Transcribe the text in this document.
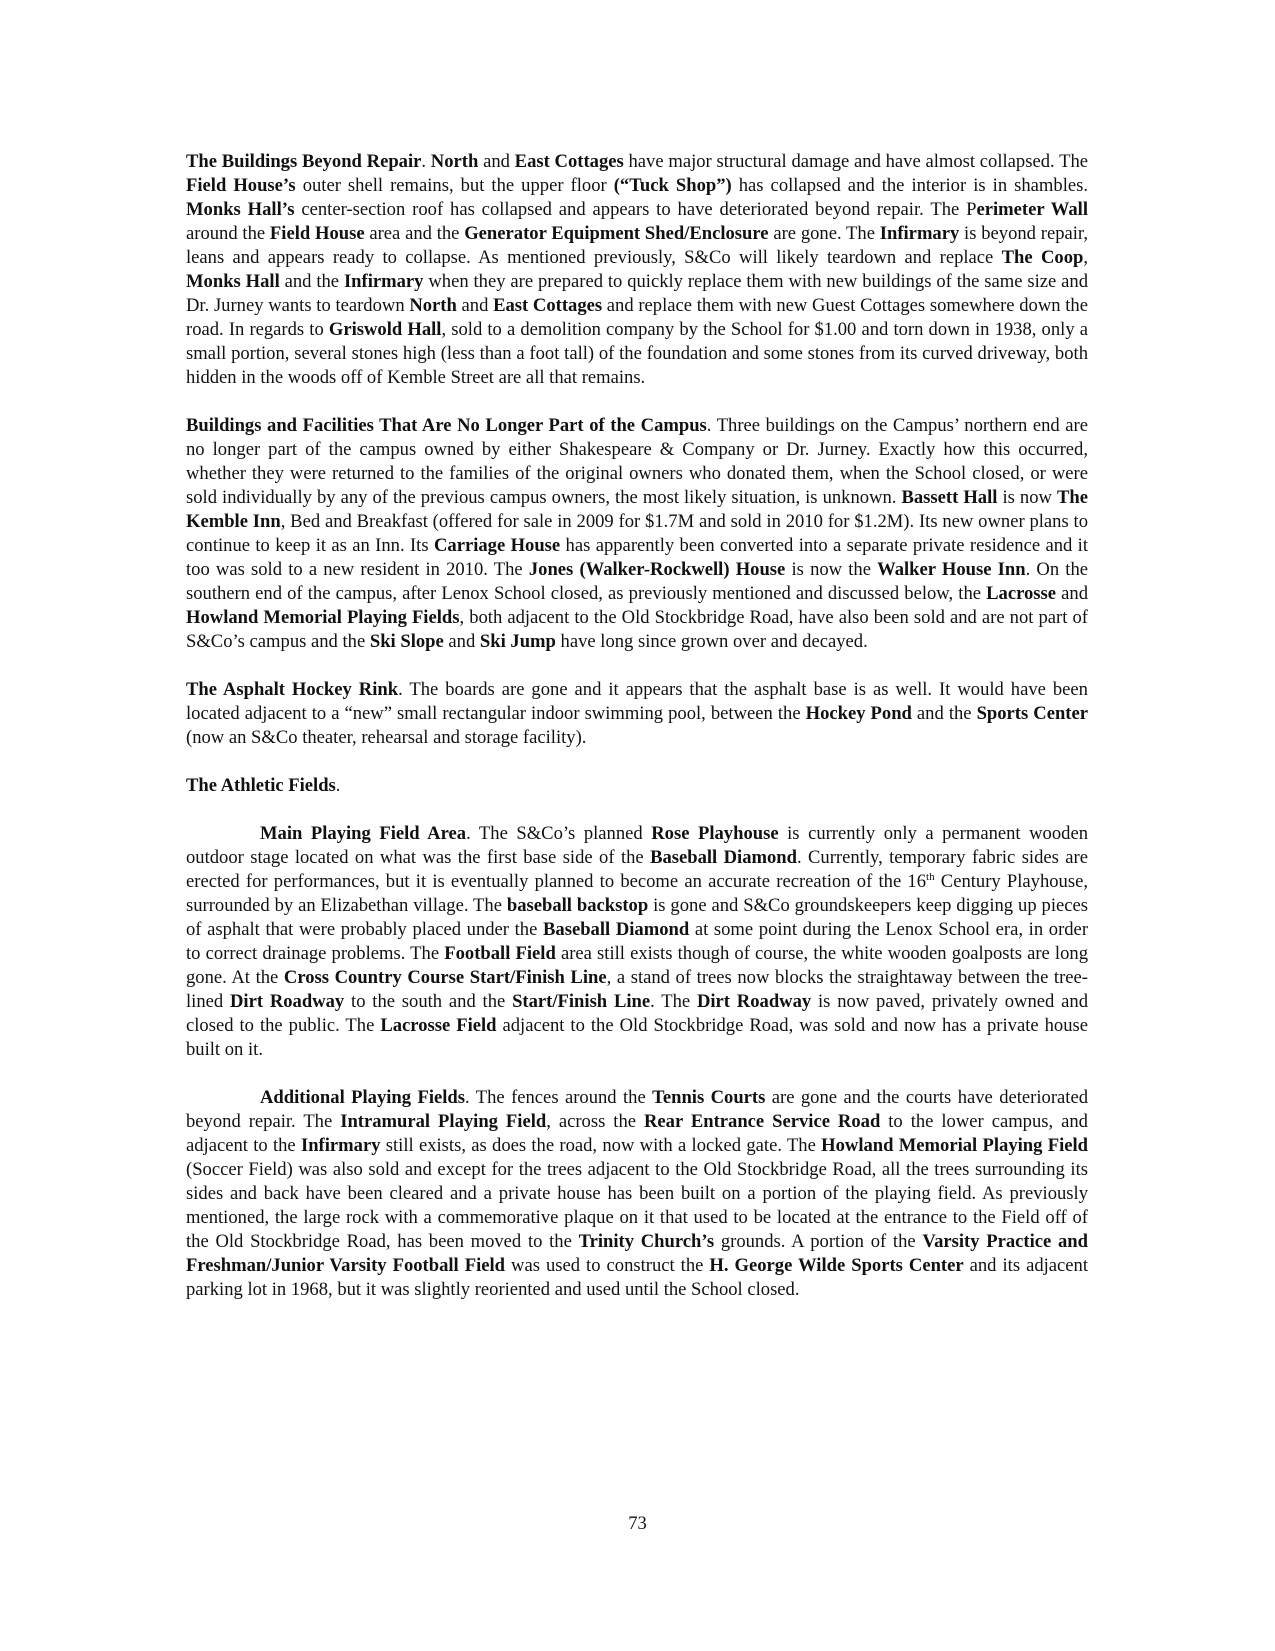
The Buildings Beyond Repair. North and East Cottages have major structural damage and have almost collapsed. The Field House’s outer shell remains, but the upper floor (“Tuck Shop”) has collapsed and the interior is in shambles. Monks Hall’s center-section roof has collapsed and appears to have deteriorated beyond repair. The Perimeter Wall around the Field House area and the Generator Equipment Shed/Enclosure are gone. The Infirmary is beyond repair, leans and appears ready to collapse. As mentioned previously, S&Co will likely teardown and replace The Coop, Monks Hall and the Infirmary when they are prepared to quickly replace them with new buildings of the same size and Dr. Jurney wants to teardown North and East Cottages and replace them with new Guest Cottages somewhere down the road. In regards to Griswold Hall, sold to a demolition company by the School for $1.00 and torn down in 1938, only a small portion, several stones high (less than a foot tall) of the foundation and some stones from its curved driveway, both hidden in the woods off of Kemble Street are all that remains.

Buildings and Facilities That Are No Longer Part of the Campus. Three buildings on the Campus’ northern end are no longer part of the campus owned by either Shakespeare & Company or Dr. Jurney. Exactly how this occurred, whether they were returned to the families of the original owners who donated them, when the School closed, or were sold individually by any of the previous campus owners, the most likely situation, is unknown. Bassett Hall is now The Kemble Inn, Bed and Breakfast (offered for sale in 2009 for $1.7M and sold in 2010 for $1.2M). Its new owner plans to continue to keep it as an Inn. Its Carriage House has apparently been converted into a separate private residence and it too was sold to a new resident in 2010. The Jones (Walker-Rockwell) House is now the Walker House Inn. On the southern end of the campus, after Lenox School closed, as previously mentioned and discussed below, the Lacrosse and Howland Memorial Playing Fields, both adjacent to the Old Stockbridge Road, have also been sold and are not part of S&Co’s campus and the Ski Slope and Ski Jump have long since grown over and decayed.

The Asphalt Hockey Rink. The boards are gone and it appears that the asphalt base is as well. It would have been located adjacent to a “new” small rectangular indoor swimming pool, between the Hockey Pond and the Sports Center (now an S&Co theater, rehearsal and storage facility).

The Athletic Fields.

Main Playing Field Area. The S&Co’s planned Rose Playhouse is currently only a permanent wooden outdoor stage located on what was the first base side of the Baseball Diamond. Currently, temporary fabric sides are erected for performances, but it is eventually planned to become an accurate recreation of the 16th Century Playhouse, surrounded by an Elizabethan village. The baseball backstop is gone and S&Co groundskeepers keep digging up pieces of asphalt that were probably placed under the Baseball Diamond at some point during the Lenox School era, in order to correct drainage problems. The Football Field area still exists though of course, the white wooden goalposts are long gone. At the Cross Country Course Start/Finish Line, a stand of trees now blocks the straightaway between the tree-lined Dirt Roadway to the south and the Start/Finish Line. The Dirt Roadway is now paved, privately owned and closed to the public. The Lacrosse Field adjacent to the Old Stockbridge Road, was sold and now has a private house built on it.

Additional Playing Fields. The fences around the Tennis Courts are gone and the courts have deteriorated beyond repair. The Intramural Playing Field, across the Rear Entrance Service Road to the lower campus, and adjacent to the Infirmary still exists, as does the road, now with a locked gate. The Howland Memorial Playing Field (Soccer Field) was also sold and except for the trees adjacent to the Old Stockbridge Road, all the trees surrounding its sides and back have been cleared and a private house has been built on a portion of the playing field. As previously mentioned, the large rock with a commemorative plaque on it that used to be located at the entrance to the Field off of the Old Stockbridge Road, has been moved to the Trinity Church’s grounds. A portion of the Varsity Practice and Freshman/Junior Varsity Football Field was used to construct the H. George Wilde Sports Center and its adjacent parking lot in 1968, but it was slightly reoriented and used until the School closed.

73
